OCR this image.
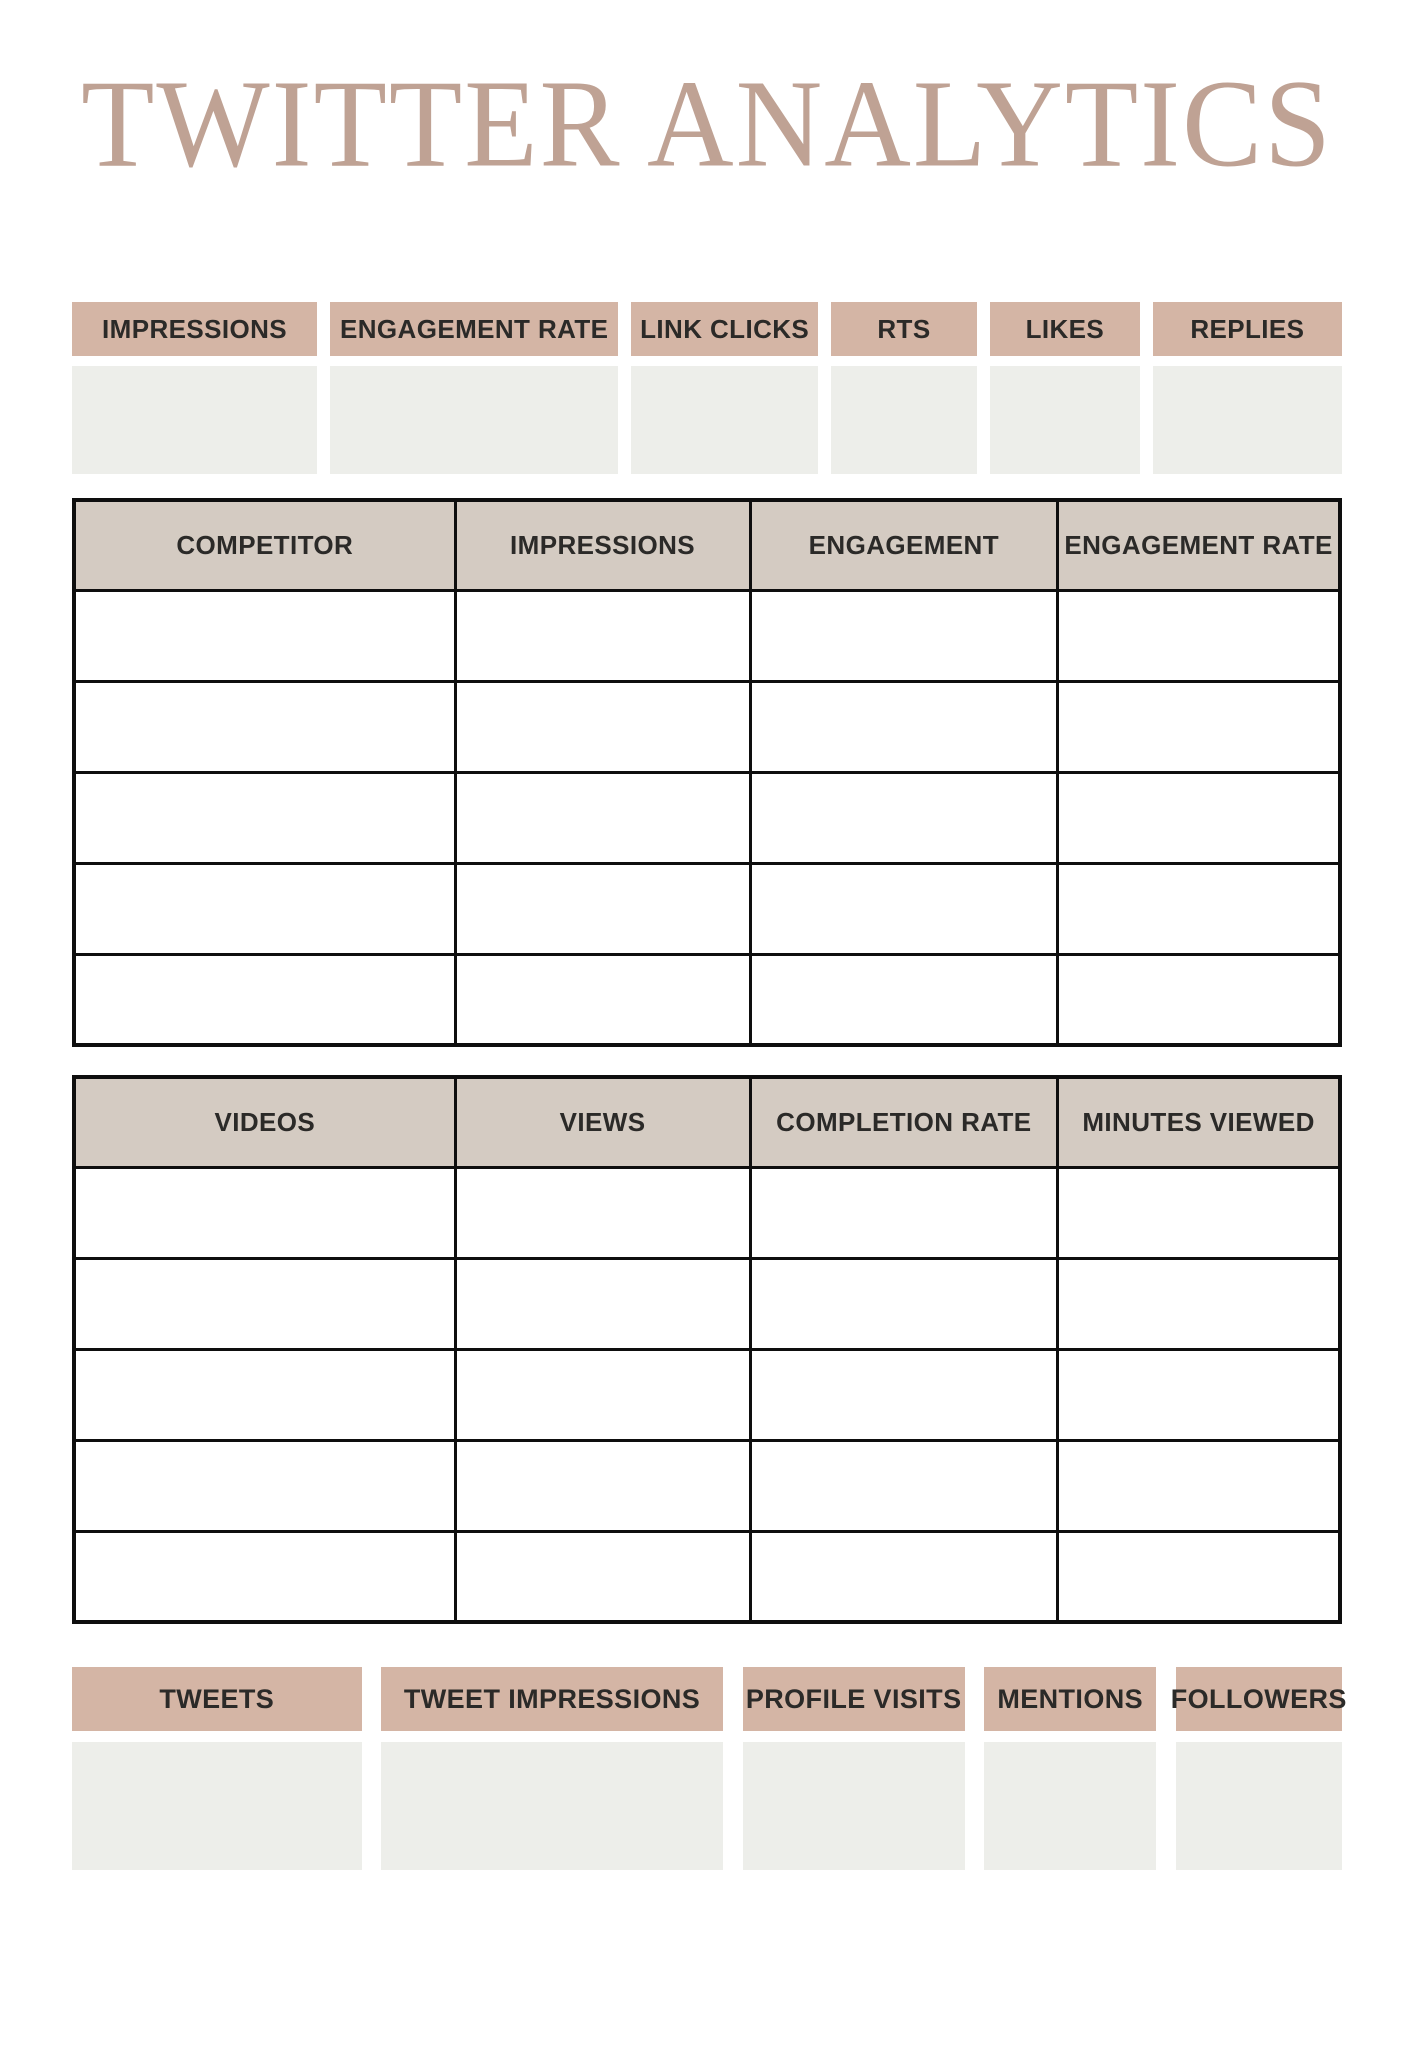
TWITTER ANALYTICS
IMPRESSIONS	ENGAGEMENT RATE	LINK CLICKS	RTS	LIKES	REPLIES
COMPETITOR	IMPRESSIONS	ENGAGEMENT	ENGAGEMENT RATE

VIDEOS	VIEWS	COMPLETION RATE	MINUTES VIEWED

TWEETS	TWEET IMPRESSIONS	PROFILE VISITS	MENTIONS	FOLLOWERS
